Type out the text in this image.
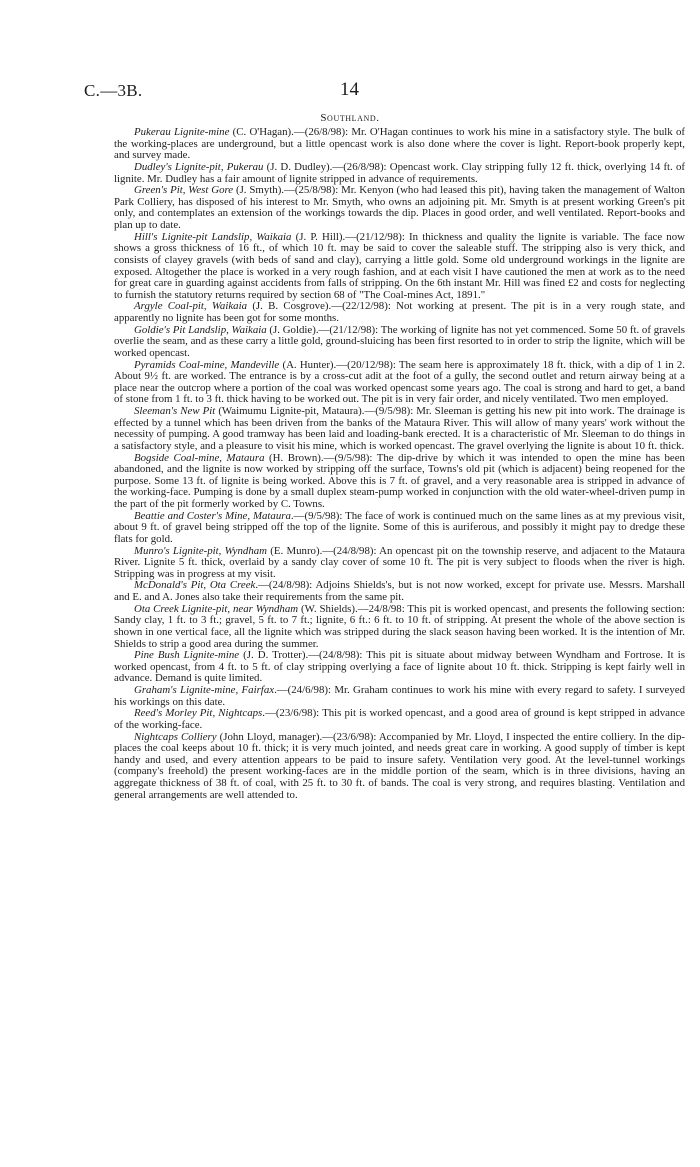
C.—3B.	14
Southland.

Pukerau Lignite-mine (C. O'Hagan).—(26/8/98): Mr. O'Hagan continues to work his mine in a satisfactory style. The bulk of the working-places are underground, but a little opencast work is also done where the cover is light. Report-book properly kept, and survey made.

Dudley's Lignite-pit, Pukerau (J. D. Dudley).—(26/8/98): Opencast work. Clay stripping fully 12 ft. thick, overlying 14 ft. of lignite. Mr. Dudley has a fair amount of lignite stripped in advance of requirements.

Green's Pit, West Gore (J. Smyth).—(25/8/98): Mr. Kenyon (who had leased this pit), having taken the management of Walton Park Colliery, has disposed of his interest to Mr. Smyth, who owns an adjoining pit. Mr. Smyth is at present working Green's pit only, and contemplates an extension of the workings towards the dip. Places in good order, and well ventilated. Report-books and plan up to date.

Hill's Lignite-pit Landslip, Waikaia (J. P. Hill).—(21/12/98): In thickness and quality the lignite is variable. The face now shows a gross thickness of 16 ft., of which 10 ft. may be said to cover the saleable stuff. The stripping also is very thick, and consists of clayey gravels (with beds of sand and clay), carrying a little gold. Some old underground workings in the lignite are exposed. Altogether the place is worked in a very rough fashion, and at each visit I have cautioned the men at work as to the need for great care in guarding against accidents from falls of stripping. On the 6th instant Mr. Hill was fined £2 and costs for neglecting to furnish the statutory returns required by section 68 of "The Coal-mines Act, 1891."

Argyle Coal-pit, Waikaia (J. B. Cosgrove).—(22/12/98): Not working at present. The pit is in a very rough state, and apparently no lignite has been got for some months.

Goldie's Pit Landslip, Waikaia (J. Goldie).—(21/12/98): The working of lignite has not yet commenced. Some 50 ft. of gravels overlie the seam, and as these carry a little gold, ground-sluicing has been first resorted to in order to strip the lignite, which will be worked opencast.

Pyramids Coal-mine, Mandeville (A. Hunter).—(20/12/98): The seam here is approximately 18 ft. thick, with a dip of 1 in 2. About 9½ ft. are worked. The entrance is by a cross-cut adit at the foot of a gully, the second outlet and return airway being at a place near the outcrop where a portion of the coal was worked opencast some years ago. The coal is strong and hard to get, a band of stone from 1 ft. to 3 ft. thick having to be worked out. The pit is in very fair order, and nicely ventilated. Two men employed.

Sleeman's New Pit (Waimumu Lignite-pit, Mataura).—(9/5/98): Mr. Sleeman is getting his new pit into work. The drainage is effected by a tunnel which has been driven from the banks of the Mataura River. This will allow of many years' work without the necessity of pumping. A good tramway has been laid and loading-bank erected. It is a characteristic of Mr. Sleeman to do things in a satisfactory style, and a pleasure to visit his mine, which is worked opencast. The gravel overlying the lignite is about 10 ft. thick.

Bogside Coal-mine, Mataura (H. Brown).—(9/5/98): The dip-drive by which it was intended to open the mine has been abandoned, and the lignite is now worked by stripping off the surface, Towns's old pit (which is adjacent) being reopened for the purpose. Some 13 ft. of lignite is being worked. Above this is 7 ft. of gravel, and a very reasonable area is stripped in advance of the working-face. Pumping is done by a small duplex steam-pump worked in conjunction with the old water-wheel-driven pump in the part of the pit formerly worked by C. Towns.

Beattie and Coster's Mine, Mataura.—(9/5/98): The face of work is continued much on the same lines as at my previous visit, about 9 ft. of gravel being stripped off the top of the lignite. Some of this is auriferous, and possibly it might pay to dredge these flats for gold.

Munro's Lignite-pit, Wyndham (E. Munro).—(24/8/98): An opencast pit on the township reserve, and adjacent to the Mataura River. Lignite 5 ft. thick, overlaid by a sandy clay cover of some 10 ft. The pit is very subject to floods when the river is high. Stripping was in progress at my visit.

McDonald's Pit, Ota Creek.—(24/8/98): Adjoins Shields's, but is not now worked, except for private use. Messrs. Marshall and E. and A. Jones also take their requirements from the same pit.

Ota Creek Lignite-pit, near Wyndham (W. Shields).—24/8/98: This pit is worked opencast, and presents the following section: Sandy clay, 1 ft. to 3 ft.; gravel, 5 ft. to 7 ft.; lignite, 6 ft.: 6 ft. to 10 ft. of stripping. At present the whole of the above section is shown in one vertical face, all the lignite which was stripped during the slack season having been worked. It is the intention of Mr. Shields to strip a good area during the summer.

Pine Bush Lignite-mine (J. D. Trotter).—(24/8/98): This pit is situate about midway between Wyndham and Fortrose. It is worked opencast, from 4 ft. to 5 ft. of clay stripping overlying a face of lignite about 10 ft. thick. Stripping is kept fairly well in advance. Demand is quite limited.

Graham's Lignite-mine, Fairfax.—(24/6/98): Mr. Graham continues to work his mine with every regard to safety. I surveyed his workings on this date.

Reed's Morley Pit, Nightcaps.—(23/6/98): This pit is worked opencast, and a good area of ground is kept stripped in advance of the working-face.

Nightcaps Colliery (John Lloyd, manager).—(23/6/98): Accompanied by Mr. Lloyd, I inspected the entire colliery. In the dip-places the coal keeps about 10 ft. thick; it is very much jointed, and needs great care in working. A good supply of timber is kept handy and used, and every attention appears to be paid to insure safety. Ventilation very good. At the level-tunnel workings (company's freehold) the present working-faces are in the middle portion of the seam, which is in three divisions, having an aggregate thickness of 38 ft. of coal, with 25 ft. to 30 ft. of bands. The coal is very strong, and requires blasting. Ventilation and general arrangements are well attended to.
